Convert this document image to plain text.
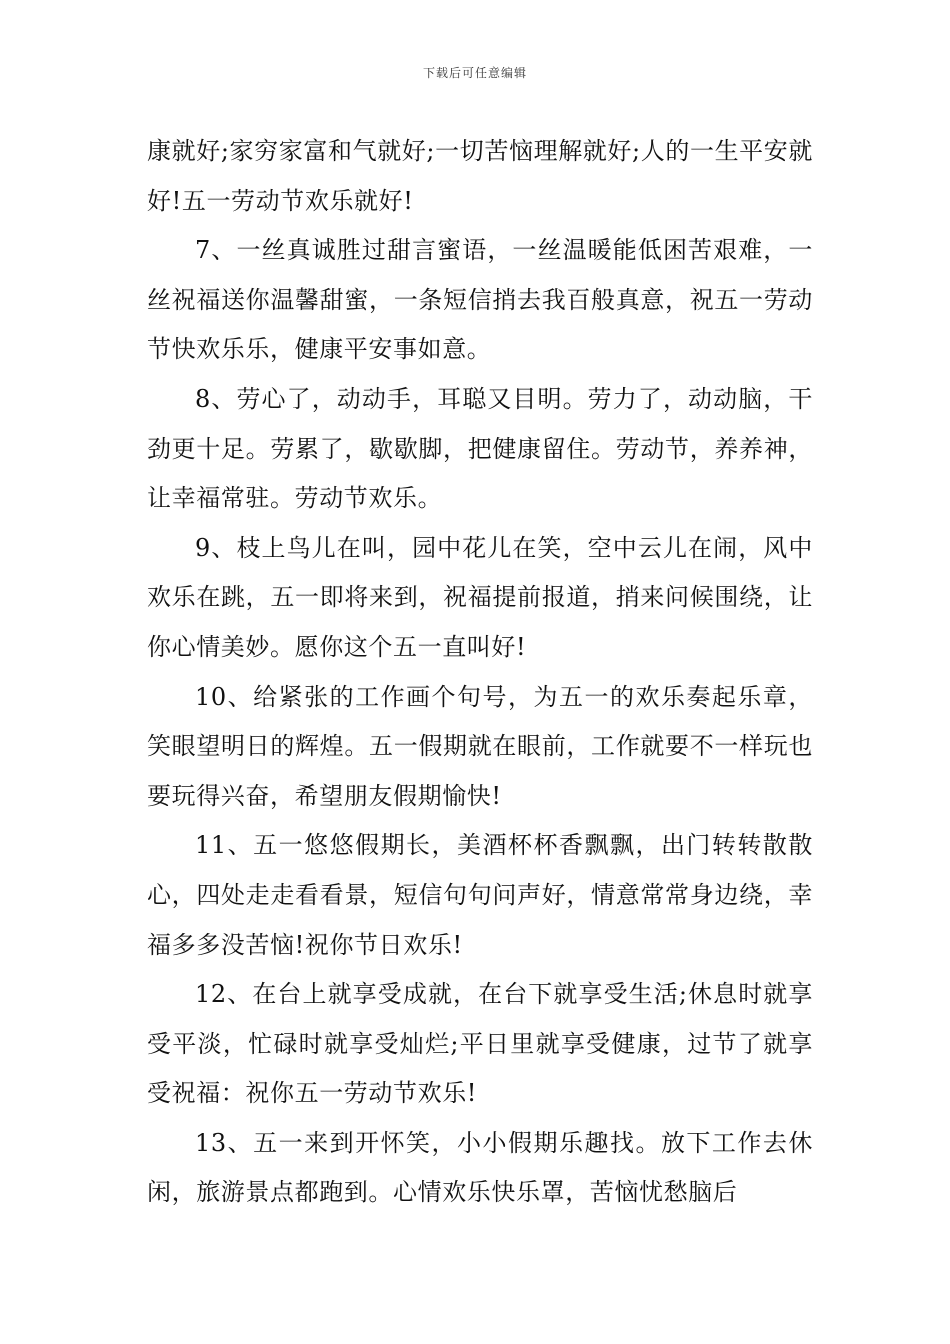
下载后可任意编辑

康就好;家穷家富和气就好;一切苦恼理解就好;人的一生平安就好!五一劳动节欢乐就好!

7、一丝真诚胜过甜言蜜语，一丝温暖能低困苦艰难，一丝祝福送你温馨甜蜜，一条短信捎去我百般真意，祝五一劳动节快欢乐乐，健康平安事如意。

8、劳心了，动动手，耳聪又目明。劳力了，动动脑，干劲更十足。劳累了，歇歇脚，把健康留住。劳动节，养养神，让幸福常驻。劳动节欢乐。

9、枝上鸟儿在叫，园中花儿在笑，空中云儿在闹，风中欢乐在跳，五一即将来到，祝福提前报道，捎来问候围绕，让你心情美妙。愿你这个五一直叫好!

10、给紧张的工作画个句号，为五一的欢乐奏起乐章，笑眼望明日的辉煌。五一假期就在眼前，工作就要不一样玩也要玩得兴奋，希望朋友假期愉快!

11、五一悠悠假期长，美酒杯杯香飘飘，出门转转散散心，四处走走看看景，短信句句问声好，情意常常身边绕，幸福多多没苦恼!祝你节日欢乐!

12、在台上就享受成就，在台下就享受生活;休息时就享受平淡，忙碌时就享受灿烂;平日里就享受健康，过节了就享受祝福：祝你五一劳动节欢乐!

13、五一来到开怀笑，小小假期乐趣找。放下工作去休闲，旅游景点都跑到。心情欢乐快乐罩，苦恼忧愁脑后
